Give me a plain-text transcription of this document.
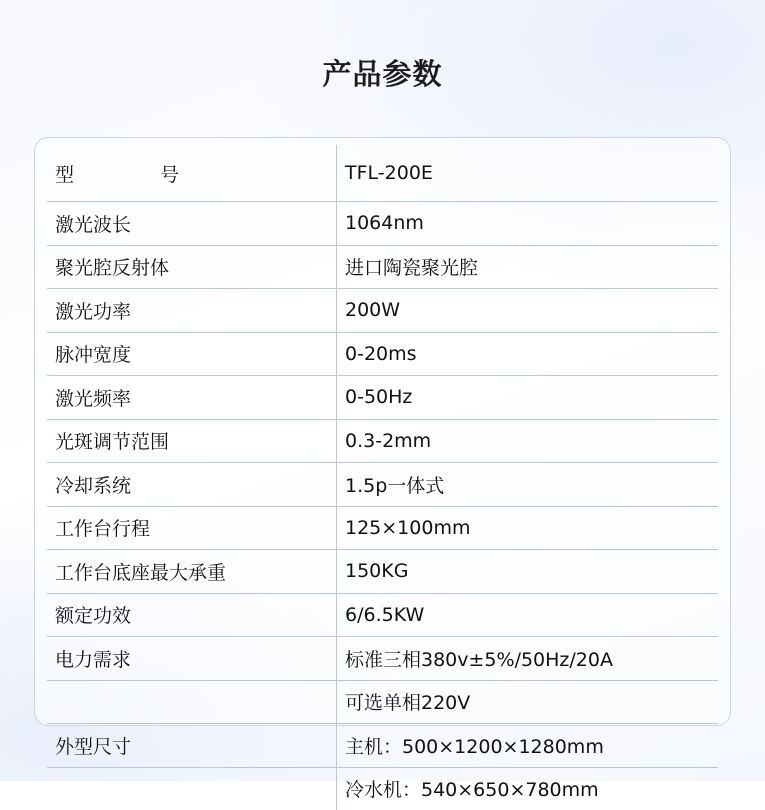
产品参数
型　　号	TFL-200E
激光波长	1064nm
聚光腔反射体	进口陶瓷聚光腔
激光功率	200W
脉冲宽度	0-20ms
激光频率	0-50Hz
光斑调节范围	0.3-2mm
冷却系统	1.5p一体式
工作台行程	125×100mm
工作台底座最大承重	150KG
额定功效	6/6.5KW
电力需求	标准三相380v±5%/50Hz/20A
	可选单相220V
外型尺寸	主机：500×1200×1280mm
	冷水机：540×650×780mm
